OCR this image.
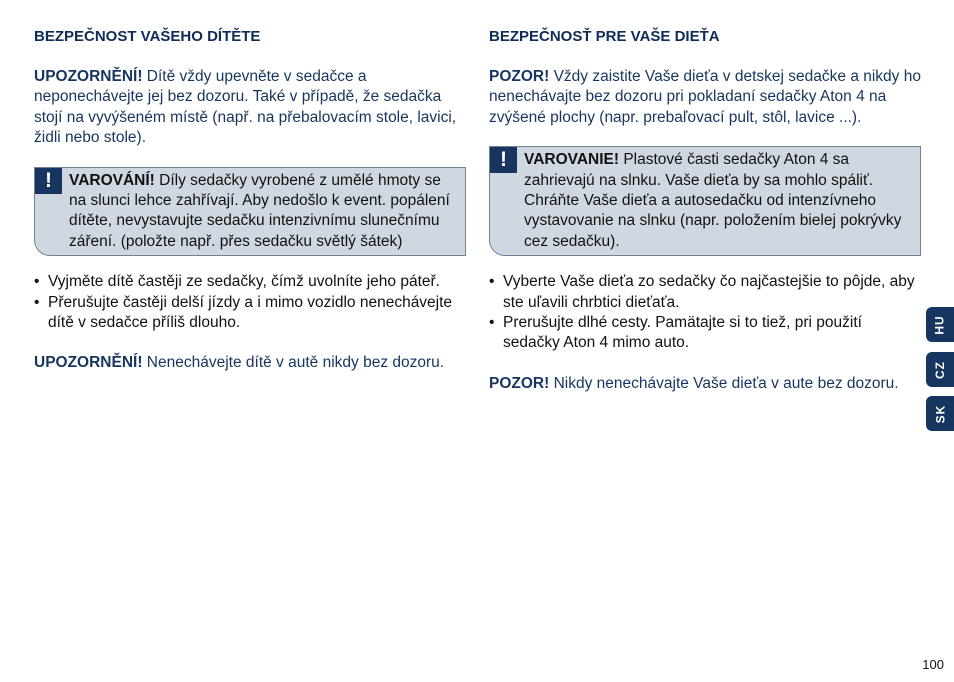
BEZPEČNOST VAŠEHO DÍTĚTE

UPOZORNĚNÍ! Dítě vždy upevněte v sedačce a neponechávejte jej bez dozoru. Také v případě, že sedačka stojí na vyvýšeném místě (např. na přebalovacím stole, lavici, židli nebo stole).

!	VAROVÁNÍ! Díly sedačky vyrobené z umělé hmoty se na slunci lehce zahřívají. Aby nedošlo k event. popálení dítěte, nevystavujte sedačku intenzivnímu slunečnímu záření. (položte např. přes sedačku světlý šátek)

• Vyjměte dítě častěji ze sedačky, čímž uvolníte jeho páteř.
• Přerušujte častěji delší jízdy a i mimo vozidlo nenechávejte dítě v sedačce příliš dlouho.

UPOZORNĚNÍ! Nenechávejte dítě v autě nikdy bez dozoru.

BEZPEČNOSŤ PRE VAŠE DIEŤA

POZOR! Vždy zaistite Vaše dieťa v detskej sedačke a nikdy ho nenechávajte bez dozoru pri pokladaní sedačky Aton 4 na zvýšené plochy (napr. prebaľovací pult, stôl, lavice ...).

!	VAROVANIE! Plastové časti sedačky Aton 4 sa zahrievajú na slnku. Vaše dieťa by sa mohlo spáliť. Chráňte Vaše dieťa a autosedačku od intenzívneho vystavovanie na slnku (napr. položením bielej pokrývky cez sedačku).

• Vyberte Vaše dieťa zo sedačky čo najčastejšie to pôjde, aby ste uľavili chrbtici dieťaťa.
• Prerušujte dlhé cesty. Pamätajte si to tiež, pri použití sedačky Aton 4 mimo auto.

POZOR! Nikdy nenechávajte Vaše dieťa v aute bez dozoru.

HU
CZ
SK
100
